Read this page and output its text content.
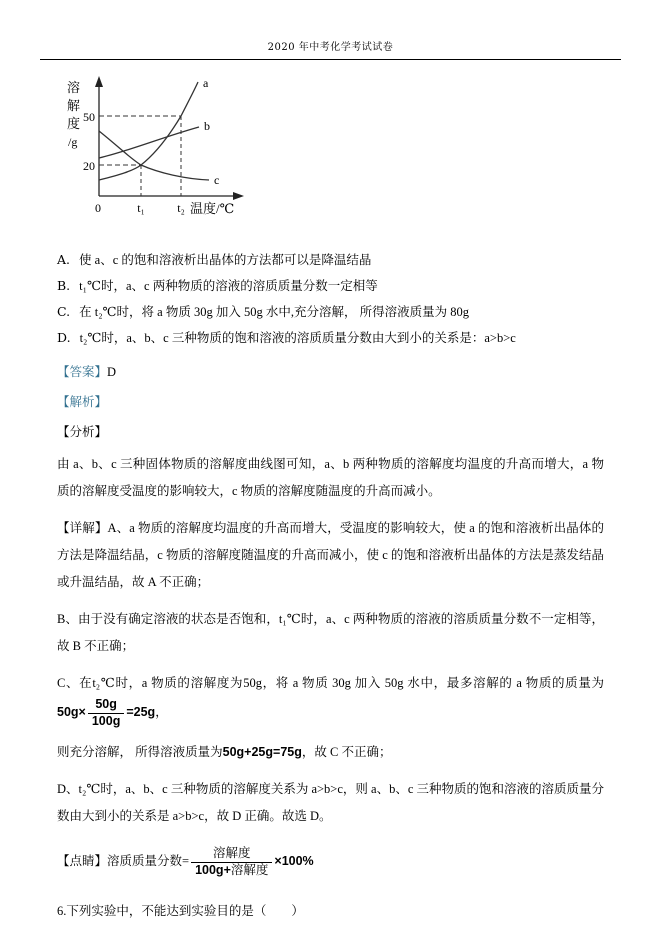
2020 年中考化学考试试卷
溶
解
度
/g
50
20
0	t₁	t₂ 温度/℃
a
b
c
A. 使 a、c 的饱和溶液析出晶体的方法都可以是降温结晶
B. t₁℃时，a、c 两种物质的溶液的溶质质量分数一定相等
C. 在 t₂℃时，将 a 物质 30g 加入 50g 水中,充分溶解， 所得溶液质量为 80g
D. t₂℃时，a、b、c 三种物质的饱和溶液的溶质质量分数由大到小的关系是：a>b>c

【答案】D

【解析】

【分析】

由 a、b、c 三种固体物质的溶解度曲线图可知，a、b 两种物质的溶解度均温度的升高而增大，a 物质的溶解度受温度的影响较大，c 物质的溶解度随温度的升高而减小。

【详解】A、a 物质的溶解度均温度的升高而增大，受温度的影响较大，使 a 的饱和溶液析出晶体的方法是降温结晶，c 物质的溶解度随温度的升高而减小，使 c 的饱和溶液析出晶体的方法是蒸发结晶或升温结晶，故 A 不正确；

B、由于没有确定溶液的状态是否饱和，t₁℃时，a、c 两种物质的溶液的溶质质量分数不一定相等，故 B 不正确；

C、在t₂℃时，a 物质的溶解度为50g，将 a 物质 30g 加入 50g 水中，最多溶解的 a 物质的质量为$50g\times \frac{50g}{100g} =25g$，

则充分溶解， 所得溶液质量为50g+25g=75g，故 C 不正确；

D、t₂℃时，a、b、c 三种物质的溶解度关系为 a>b>c，则 a、b、c 三种物质的饱和溶液的溶质质量分数由大到小的关系是 a>b>c，故 D 正确。故选 D。

【点睛】溶质质量分数= $\frac{\text{溶解度}}{\text{100g+溶解度}} \times 100\%$

6.下列实验中，不能达到实验目的是（　　）
